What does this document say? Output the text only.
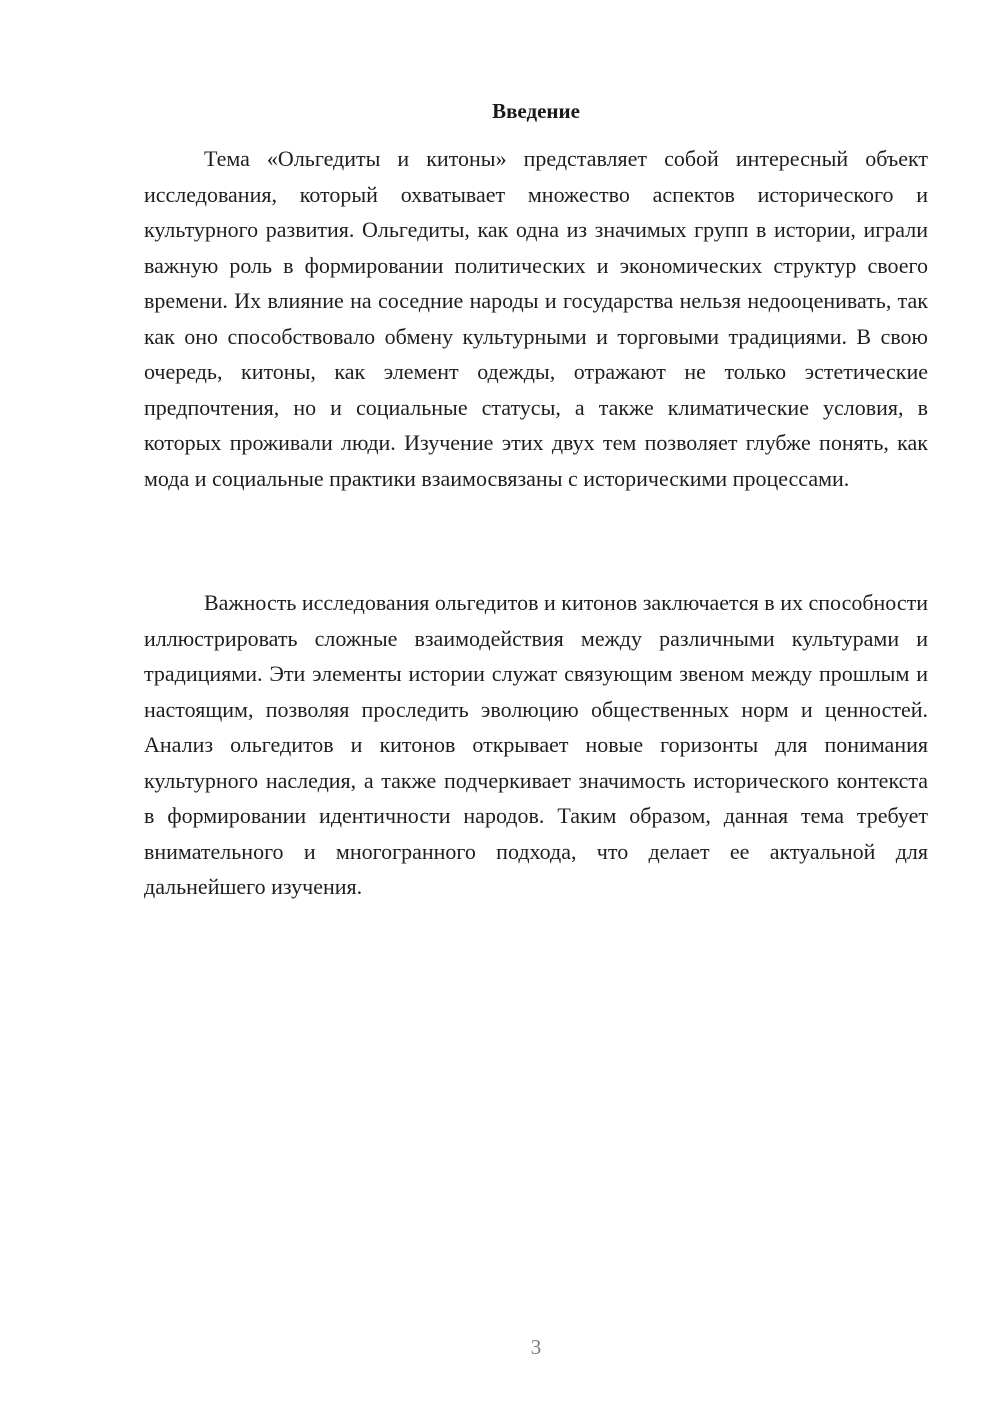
Введение

Тема «Ольгедиты и китоны» представляет собой интересный объект исследования, который охватывает множество аспектов исторического и культурного развития. Ольгедиты, как одна из значимых групп в истории, играли важную роль в формировании политических и экономических структур своего времени. Их влияние на соседние народы и государства нельзя недооценивать, так как оно способствовало обмену культурными и торговыми традициями. В свою очередь, китоны, как элемент одежды, отражают не только эстетические предпочтения, но и социальные статусы, а также климатические условия, в которых проживали люди. Изучение этих двух тем позволяет глубже понять, как мода и социальные практики взаимосвязаны с историческими процессами.

Важность исследования ольгедитов и китонов заключается в их способности иллюстрировать сложные взаимодействия между различными культурами и традициями. Эти элементы истории служат связующим звеном между прошлым и настоящим, позволяя проследить эволюцию общественных норм и ценностей. Анализ ольгедитов и китонов открывает новые горизонты для понимания культурного наследия, а также подчеркивает значимость исторического контекста в формировании идентичности народов. Таким образом, данная тема требует внимательного и многогранного подхода, что делает ее актуальной для дальнейшего изучения.

3
